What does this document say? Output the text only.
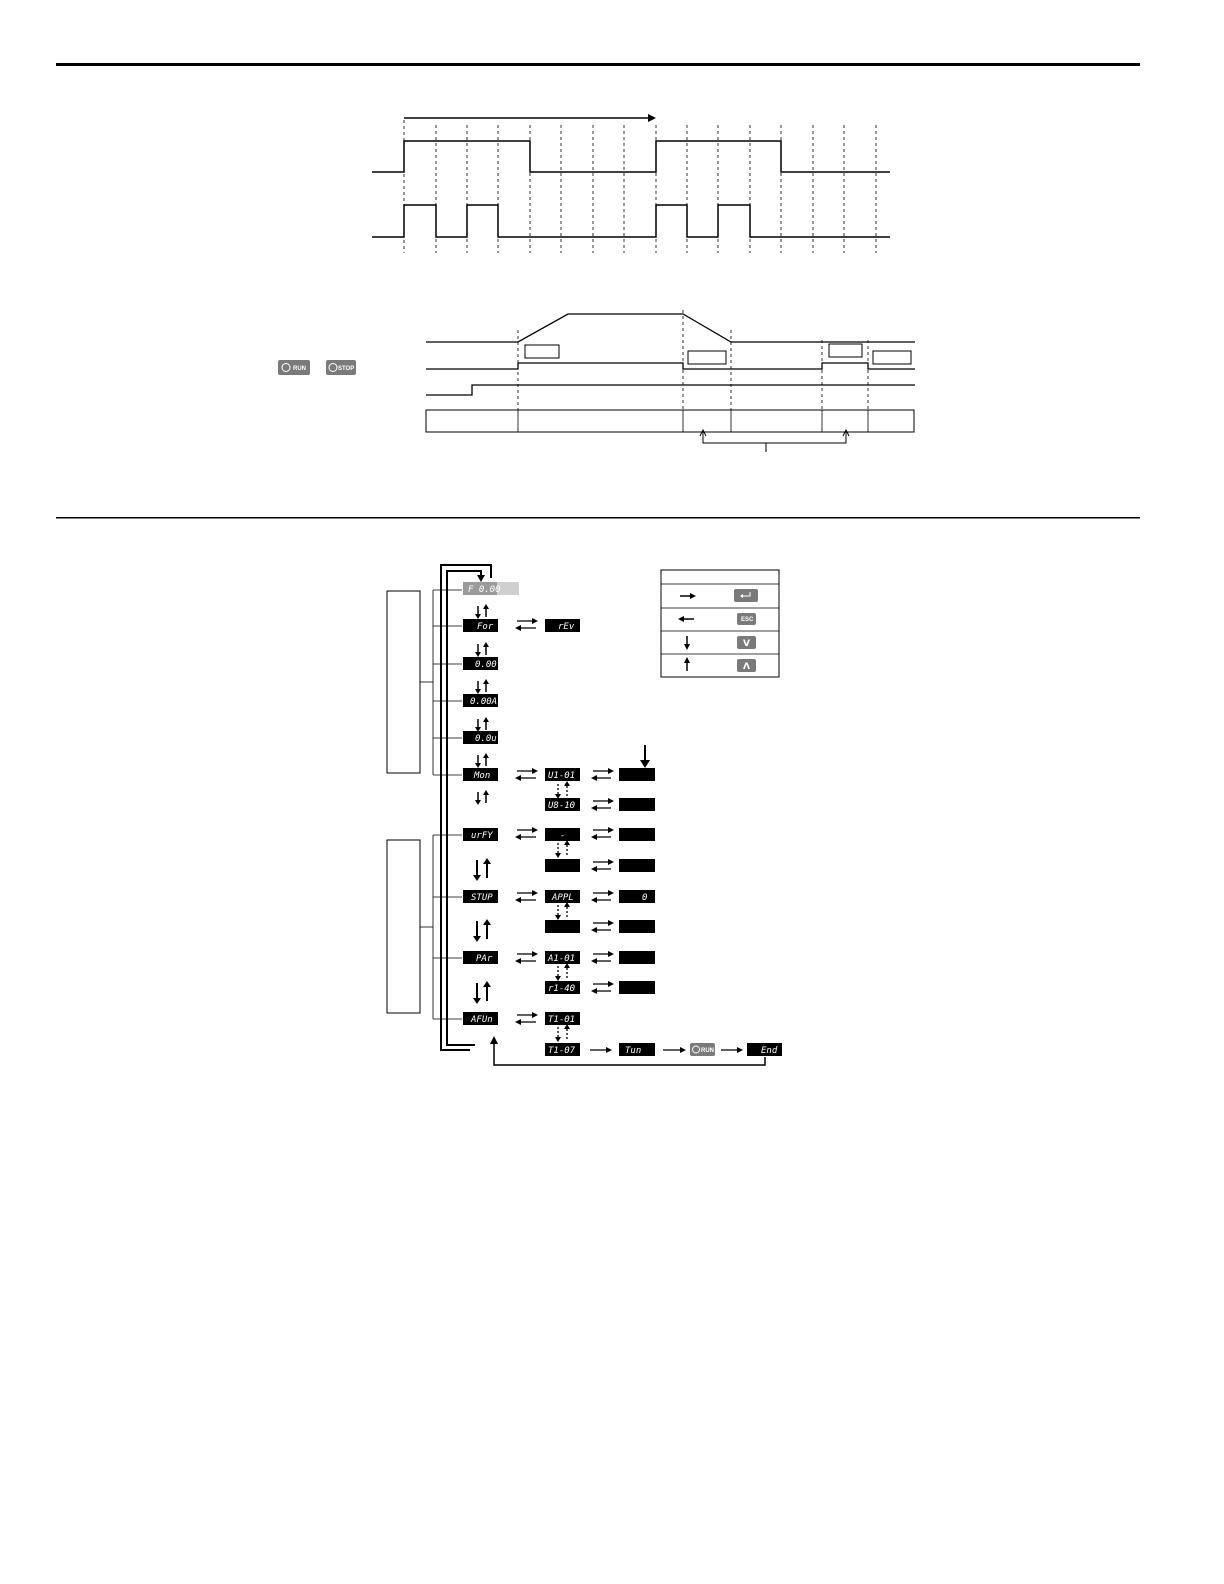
RUN	STOP
F 0.00
For
0.00
0.00A
0.0u
Mon
urFY
STUP
PAr
AFUn
rEv
U1-01
U8-10
-
APPL
A1-01
r1-40
T1-01
T1-07
0
Tun	End
RUN
ESC
V
Λ
